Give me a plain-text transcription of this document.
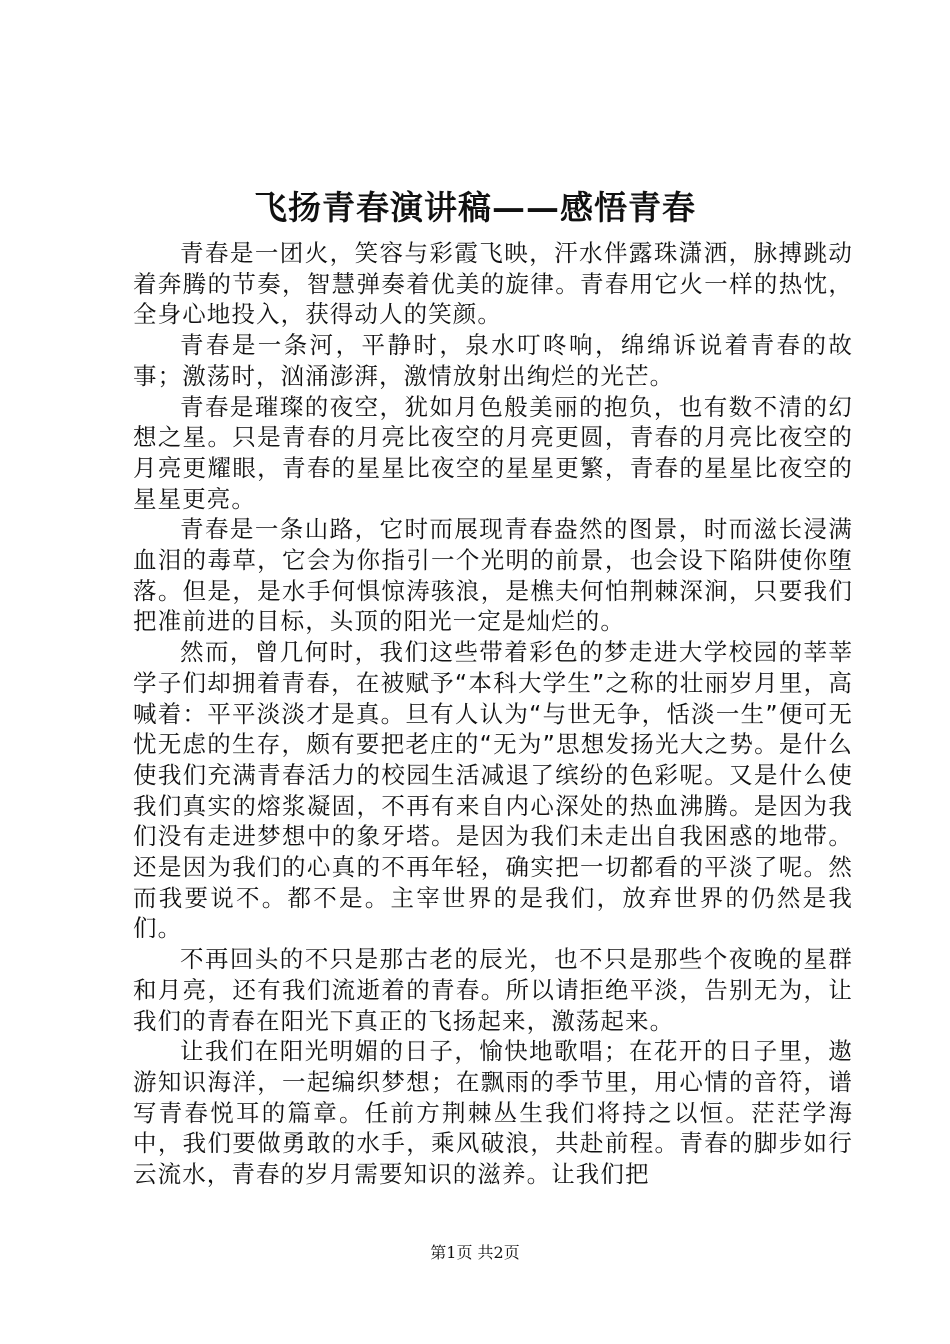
飞扬青春演讲稿——感悟青春

青春是一团火，笑容与彩霞飞映，汗水伴露珠潇洒，脉搏跳动着奔腾的节奏，智慧弹奏着优美的旋律。青春用它火一样的热忱，全身心地投入，获得动人的笑颜。

青春是一条河，平静时，泉水叮咚响，绵绵诉说着青春的故事；激荡时，汹涌澎湃，激情放射出绚烂的光芒。

青春是璀璨的夜空，犹如月色般美丽的抱负，也有数不清的幻想之星。只是青春的月亮比夜空的月亮更圆，青春的月亮比夜空的月亮更耀眼，青春的星星比夜空的星星更繁，青春的星星比夜空的星星更亮。

青春是一条山路，它时而展现青春盎然的图景，时而滋长浸满血泪的毒草，它会为你指引一个光明的前景，也会设下陷阱使你堕落。但是，是水手何惧惊涛骇浪，是樵夫何怕荆棘深涧，只要我们把准前进的目标，头顶的阳光一定是灿烂的。

然而，曾几何时，我们这些带着彩色的梦走进大学校园的莘莘学子们却拥着青春，在被赋予“本科大学生”之称的壮丽岁月里，高喊着：平平淡淡才是真。旦有人认为“与世无争，恬淡一生”便可无忧无虑的生存，颇有要把老庄的“无为”思想发扬光大之势。是什么使我们充满青春活力的校园生活减退了缤纷的色彩呢。又是什么使我们真实的熔浆凝固，不再有来自内心深处的热血沸腾。是因为我们没有走进梦想中的象牙塔。是因为我们未走出自我困惑的地带。还是因为我们的心真的不再年轻，确实把一切都看的平淡了呢。然而我要说不。都不是。主宰世界的是我们，放弃世界的仍然是我们。

不再回头的不只是那古老的辰光，也不只是那些个夜晚的星群和月亮，还有我们流逝着的青春。所以请拒绝平淡，告别无为，让我们的青春在阳光下真正的飞扬起来，激荡起来。

让我们在阳光明媚的日子，愉快地歌唱；在花开的日子里，遨游知识海洋，一起编织梦想；在飘雨的季节里，用心情的音符，谱写青春悦耳的篇章。任前方荆棘丛生我们将持之以恒。茫茫学海中，我们要做勇敢的水手，乘风破浪，共赴前程。青春的脚步如行云流水，青春的岁月需要知识的滋养。让我们把

第1页 共2页
